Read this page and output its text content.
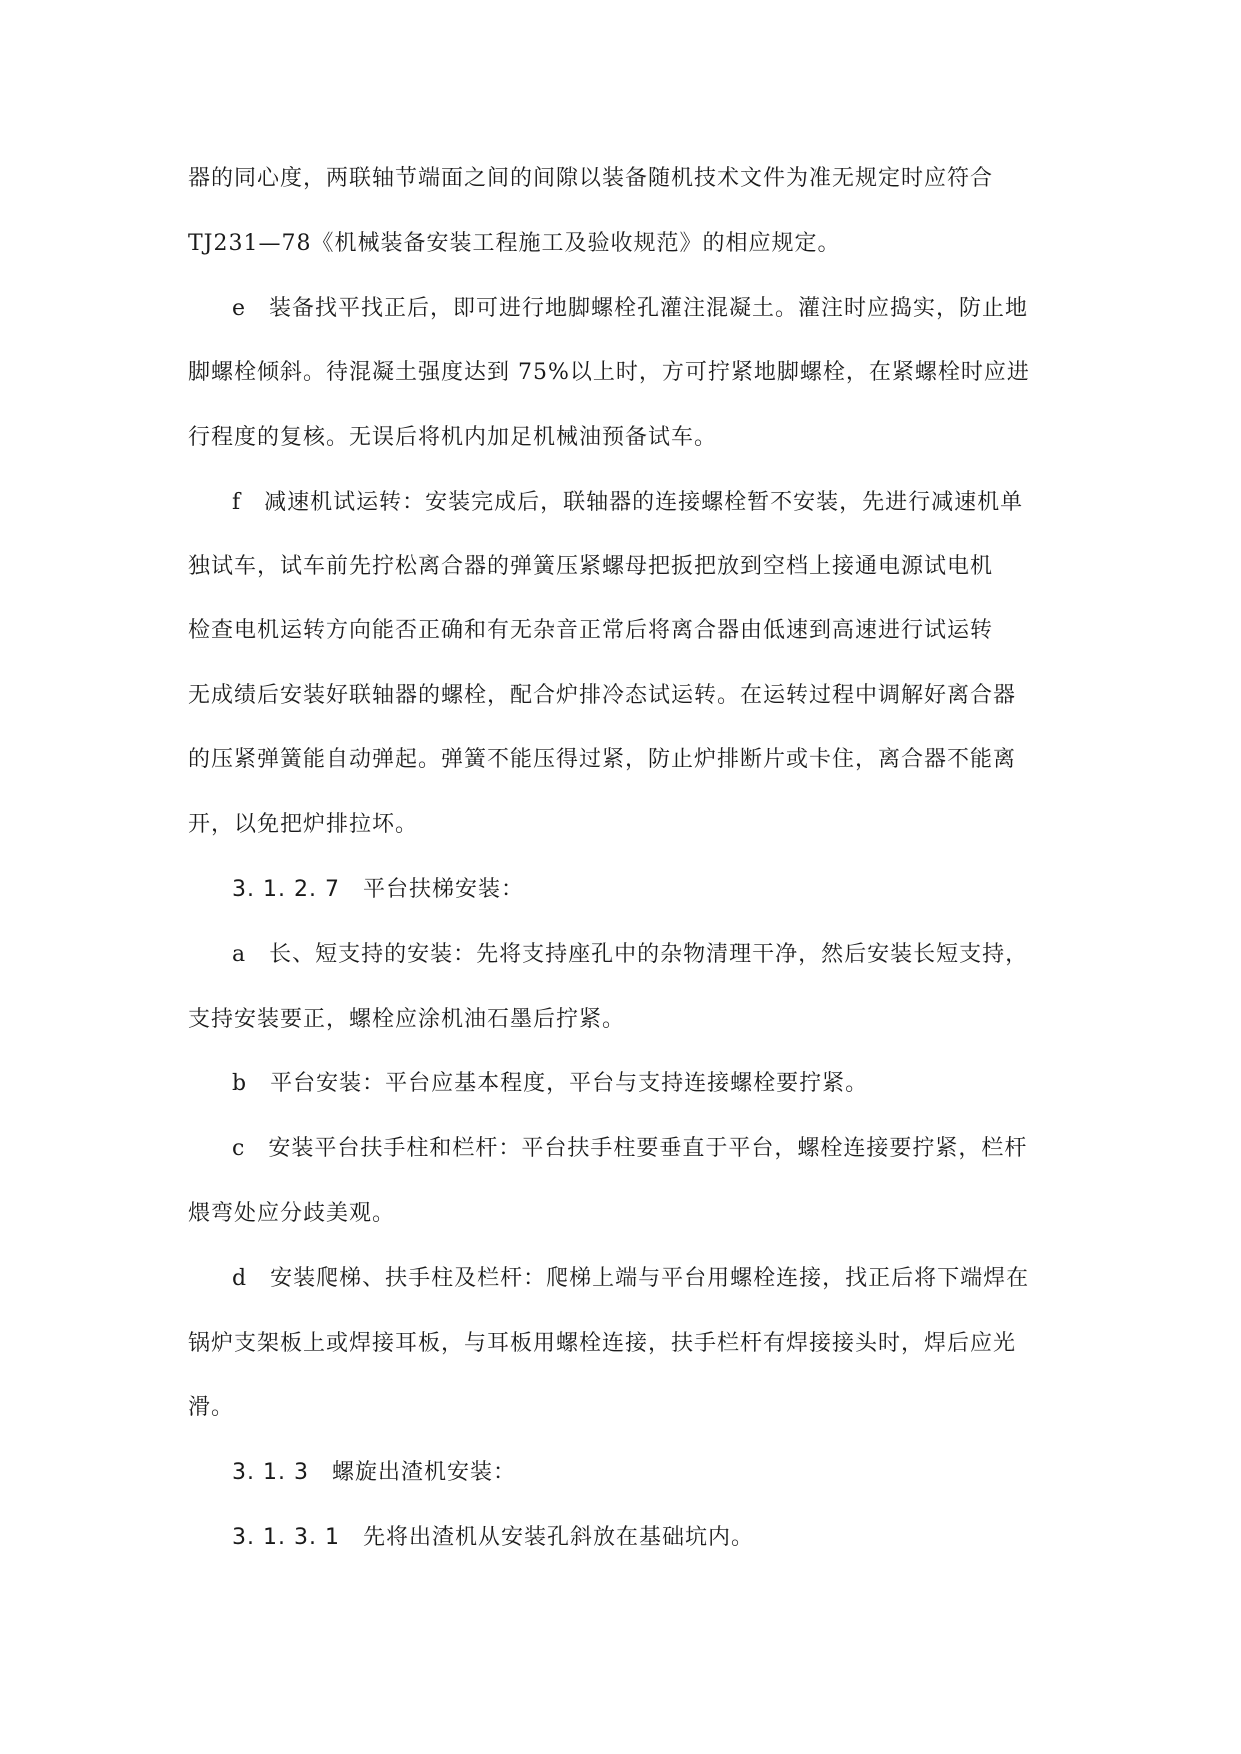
器的同心度，两联轴节端面之间的间隙以装备随机技术文件为准无规定时应符合
TJ231—78《机械装备安装工程施工及验收规范》的相应规定。
e　装备找平找正后，即可进行地脚螺栓孔灌注混凝土。灌注时应捣实，防止地
脚螺栓倾斜。待混凝土强度达到 75%以上时，方可拧紧地脚螺栓，在紧螺栓时应进
行程度的复核。无误后将机内加足机械油预备试车。
f　减速机试运转：安装完成后，联轴器的连接螺栓暂不安装，先进行减速机单
独试车，试车前先拧松离合器的弹簧压紧螺母把扳把放到空档上接通电源试电机
检查电机运转方向能否正确和有无杂音正常后将离合器由低速到高速进行试运转
无成绩后安装好联轴器的螺栓，配合炉排冷态试运转。在运转过程中调解好离合器
的压紧弹簧能自动弹起。弹簧不能压得过紧，防止炉排断片或卡住，离合器不能离
开，以免把炉排拉坏。
3. 1. 2. 7　平台扶梯安装：
a　长、短支持的安装：先将支持座孔中的杂物清理干净，然后安装长短支持，
支持安装要正，螺栓应涂机油石墨后拧紧。
b　平台安装：平台应基本程度，平台与支持连接螺栓要拧紧。
c　安装平台扶手柱和栏杆：平台扶手柱要垂直于平台，螺栓连接要拧紧，栏杆
煨弯处应分歧美观。
d　安装爬梯、扶手柱及栏杆：爬梯上端与平台用螺栓连接，找正后将下端焊在
锅炉支架板上或焊接耳板，与耳板用螺栓连接，扶手栏杆有焊接接头时，焊后应光
滑。
3. 1. 3　螺旋出渣机安装：
3. 1. 3. 1　先将出渣机从安装孔斜放在基础坑内。
